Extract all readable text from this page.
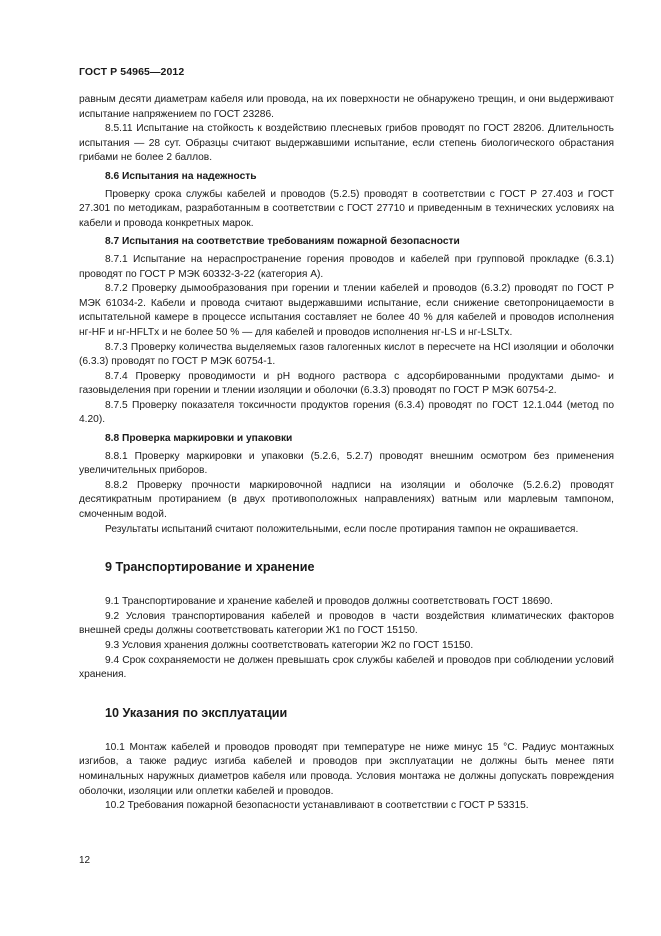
ГОСТ Р 54965—2012

равным десяти диаметрам кабеля или провода, на их поверхности не обнаружено трещин, и они выдерживают испытание напряжением по ГОСТ 23286.

8.5.11 Испытание на стойкость к воздействию плесневых грибов проводят по ГОСТ 28206. Длительность испытания — 28 сут. Образцы считают выдержавшими испытание, если степень биологического обрастания грибами не более 2 баллов.

8.6 Испытания на надежность

Проверку срока службы кабелей и проводов (5.2.5) проводят в соответствии с ГОСТ Р 27.403 и ГОСТ 27.301 по методикам, разработанным в соответствии с ГОСТ 27710 и приведенным в технических условиях на кабели и провода конкретных марок.

8.7 Испытания на соответствие требованиям пожарной безопасности

8.7.1 Испытание на нераспространение горения проводов и кабелей при групповой прокладке (6.3.1) проводят по ГОСТ Р МЭК 60332-3-22 (категория А).

8.7.2 Проверку дымообразования при горении и тлении кабелей и проводов (6.3.2) проводят по ГОСТ Р МЭК 61034-2. Кабели и провода считают выдержавшими испытание, если снижение светопроницаемости в испытательной камере в процессе испытания составляет не более 40 % для кабелей и проводов исполнения нг-HF и нг-HFLTx и не более 50 % — для кабелей и проводов исполнения нг-LS и нг-LSLTx.

8.7.3 Проверку количества выделяемых газов галогенных кислот в пересчете на HCl изоляции и оболочки (6.3.3) проводят по ГОСТ Р МЭК 60754-1.

8.7.4 Проверку проводимости и pH водного раствора с адсорбированными продуктами дымо- и газовыделения при горении и тлении изоляции и оболочки (6.3.3) проводят по ГОСТ Р МЭК 60754-2.

8.7.5 Проверку показателя токсичности продуктов горения (6.3.4) проводят по ГОСТ 12.1.044 (метод по 4.20).

8.8 Проверка маркировки и упаковки

8.8.1 Проверку маркировки и упаковки (5.2.6, 5.2.7) проводят внешним осмотром без применения увеличительных приборов.

8.8.2 Проверку прочности маркировочной надписи на изоляции и оболочке (5.2.6.2) проводят десятикратным протиранием (в двух противоположных направлениях) ватным или марлевым тампоном, смоченным водой.

Результаты испытаний считают положительными, если после протирания тампон не окрашивается.

9 Транспортирование и хранение

9.1 Транспортирование и хранение кабелей и проводов должны соответствовать ГОСТ 18690.

9.2 Условия транспортирования кабелей и проводов в части воздействия климатических факторов внешней среды должны соответствовать категории Ж1 по ГОСТ 15150.

9.3 Условия хранения должны соответствовать категории Ж2 по ГОСТ 15150.

9.4 Срок сохраняемости не должен превышать срок службы кабелей и проводов при соблюдении условий хранения.

10 Указания по эксплуатации

10.1 Монтаж кабелей и проводов проводят при температуре не ниже минус 15 °С. Радиус монтажных изгибов, а также радиус изгиба кабелей и проводов при эксплуатации не должны быть менее пяти номинальных наружных диаметров кабеля или провода. Условия монтажа не должны допускать повреждения оболочки, изоляции или оплетки кабелей и проводов.

10.2 Требования пожарной безопасности устанавливают в соответствии с ГОСТ Р 53315.

12
